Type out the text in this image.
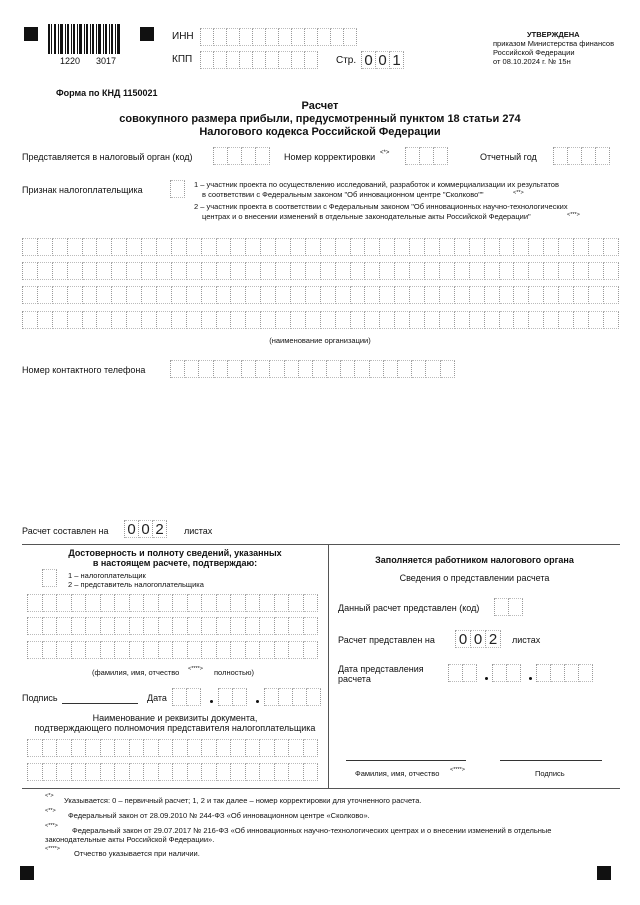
1220 3017
ИНН
КПП	Стр. 0 0 1
УТВЕРЖДЕНА
приказом Министерства финансов
Российской Федерации
от 08.10.2024 г. № 15н
Форма по КНД 1150021
Расчет
совокупного размера прибыли, предусмотренный пунктом 18 статьи 274
Налогового кодекса Российской Федерации
Представляется в налоговый орган (код)	Номер корректировки <*>	Отчетный год
Признак налогоплательщика
1 – участник проекта по осуществлению исследований, разработок и коммерциализации их результатов
в соответствии с Федеральным законом "Об инновационном центре "Сколково""	<**>
2 – участник проекта в соответствии с Федеральным законом "Об инновационных научно-технологических
центрах и о внесении изменений в отдельные законодательные акты Российской Федерации"	<***>
(наименование организации)
Номер контактного телефона
Расчет составлен на 0 0 2	листах
Достоверность и полноту сведений, указанных
в настоящем расчете, подтверждаю:
1 – налогоплательщик
2 – представитель налогоплательщика
(фамилия, имя, отчество <****> полностью)
Подпись	Дата
Наименование и реквизиты документа,
подтверждающего полномочия представителя налогоплательщика
Заполняется работником налогового органа
Сведения о представлении расчета
Данный расчет представлен (код)
Расчет представлен на 0 0 2	листах
Дата представления
расчета
Фамилия, имя, отчество <****>	Подпись
<*> Указывается: 0 – первичный расчет; 1, 2 и так далее – номер корректировки для уточненного расчета.
<**> Федеральный закон от 28.09.2010 № 244-ФЗ «Об инновационном центре «Сколково».
<***> Федеральный закон от 29.07.2017 № 216-ФЗ «Об инновационных научно-технологических центрах и о внесении изменений в отдельные
законодательные акты Российской Федерации».
<****> Отчество указывается при наличии.
